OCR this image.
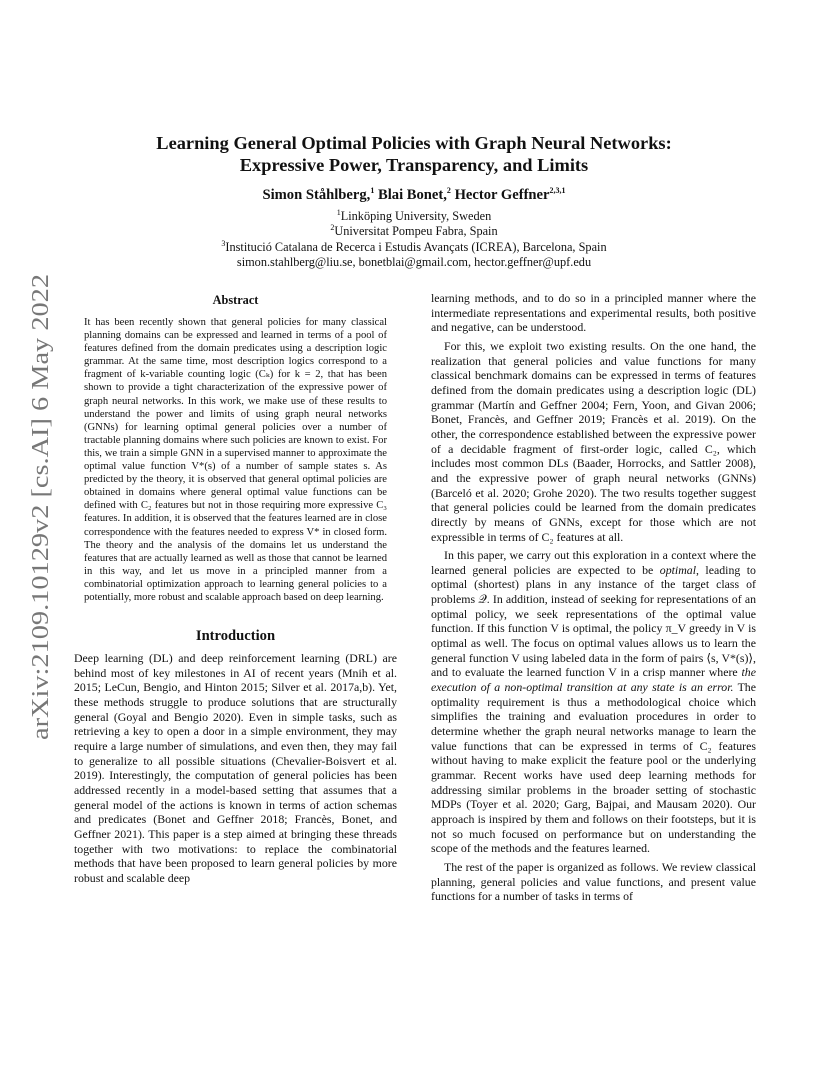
arXiv:2109.10129v2 [cs.AI] 6 May 2022
Learning General Optimal Policies with Graph Neural Networks:
Expressive Power, Transparency, and Limits
Simon Ståhlberg,$^1$ Blai Bonet,$^2$ Hector Geffner$^{2,3,1}$
$^1$Linköping University, Sweden
$^2$Universitat Pompeu Fabra, Spain
$^3$Institució Catalana de Recerca i Estudis Avançats (ICREA), Barcelona, Spain
simon.stahlberg@liu.se, bonetblai@gmail.com, hector.geffner@upf.edu
Abstract

It has been recently shown that general policies for many classical planning domains can be expressed and learned in terms of a pool of features defined from the domain predicates using a description logic grammar. At the same time, most description logics correspond to a fragment of k-variable counting logic (Cₖ) for k = 2, that has been shown to provide a tight characterization of the expressive power of graph neural networks. In this work, we make use of these results to understand the power and limits of using graph neural networks (GNNs) for learning optimal general policies over a number of tractable planning domains where such policies are known to exist. For this, we train a simple GNN in a supervised manner to approximate the optimal value function V*(s) of a number of sample states s. As predicted by the theory, it is observed that general optimal policies are obtained in domains where general optimal value functions can be defined with C₂ features but not in those requiring more expressive C₃ features. In addition, it is observed that the features learned are in close correspondence with the features needed to express V* in closed form. The theory and the analysis of the domains let us understand the features that are actually learned as well as those that cannot be learned in this way, and let us move in a principled manner from a combinatorial optimization approach to learning general policies to a potentially, more robust and scalable approach based on deep learning.

Introduction

Deep learning (DL) and deep reinforcement learning (DRL) are behind most of key milestones in AI of recent years (Mnih et al. 2015; LeCun, Bengio, and Hinton 2015; Silver et al. 2017a,b). Yet, these methods struggle to produce solutions that are structurally general (Goyal and Bengio 2020). Even in simple tasks, such as retrieving a key to open a door in a simple environment, they may require a large number of simulations, and even then, they may fail to generalize to all possible situations (Chevalier-Boisvert et al. 2019). Interestingly, the computation of general policies has been addressed recently in a model-based setting that assumes that a general model of the actions is known in terms of action schemas and predicates (Bonet and Geffner 2018; Francès, Bonet, and Geffner 2021). This paper is a step aimed at bringing these threads together with two motivations: to replace the combinatorial methods that have been proposed to learn general policies by more robust and scalable deep

learning methods, and to do so in a principled manner where the intermediate representations and experimental results, both positive and negative, can be understood.

For this, we exploit two existing results. On the one hand, the realization that general policies and value functions for many classical benchmark domains can be expressed in terms of features defined from the domain predicates using a description logic (DL) grammar (Martín and Geffner 2004; Fern, Yoon, and Givan 2006; Bonet, Francès, and Geffner 2019; Francès et al. 2019). On the other, the correspondence established between the expressive power of a decidable fragment of first-order logic, called C₂, which includes most common DLs (Baader, Horrocks, and Sattler 2008), and the expressive power of graph neural networks (GNNs) (Barceló et al. 2020; Grohe 2020). The two results together suggest that general policies could be learned from the domain predicates directly by means of GNNs, except for those which are not expressible in terms of C₂ features at all.

In this paper, we carry out this exploration in a context where the learned general policies are expected to be optimal, leading to optimal (shortest) plans in any instance of the target class of problems 𝒬. In addition, instead of seeking for representations of an optimal policy, we seek representations of the optimal value function. If this function V is optimal, the policy π_V greedy in V is optimal as well. The focus on optimal values allows us to learn the general function V using labeled data in the form of pairs ⟨s, V*(s)⟩, and to evaluate the learned function V in a crisp manner where the execution of a non-optimal transition at any state is an error. The optimality requirement is thus a methodological choice which simplifies the training and evaluation procedures in order to determine whether the graph neural networks manage to learn the value functions that can be expressed in terms of C₂ features without having to make explicit the feature pool or the underlying grammar. Recent works have used deep learning methods for addressing similar problems in the broader setting of stochastic MDPs (Toyer et al. 2020; Garg, Bajpai, and Mausam 2020). Our approach is inspired by them and follows on their footsteps, but it is not so much focused on performance but on understanding the scope of the methods and the features learned.

The rest of the paper is organized as follows. We review classical planning, general policies and value functions, and present value functions for a number of tasks in terms of
